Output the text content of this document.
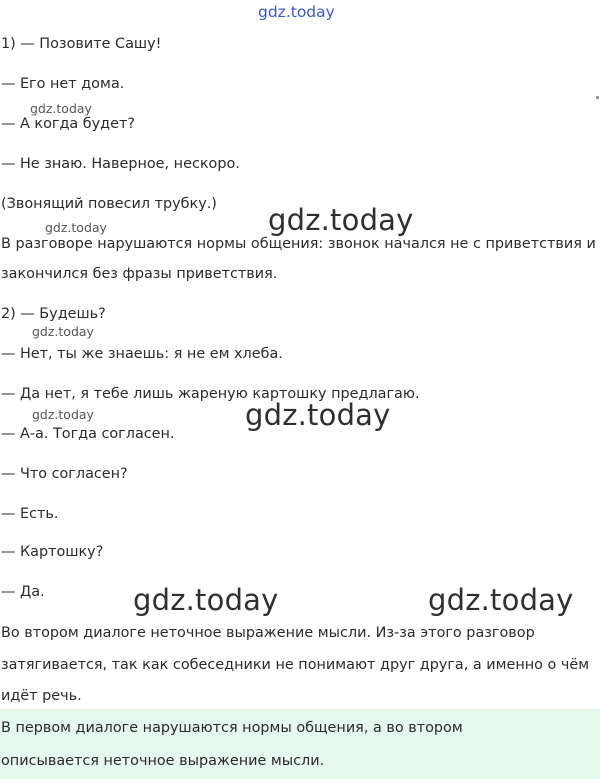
gdz.today
1) — Позовите Сашу!
— Его нет дома.
gdz.today
— А когда будет?
— Не знаю. Наверное, нескоро.
(Звонящий повесил трубку.)
gdz.today	gdz.today
В разговоре нарушаются нормы общения: звонок начался не с приветствия и
закончился без фразы приветствия.
2) — Будешь?
gdz.today
— Нет, ты же знаешь: я не ем хлеба.
— Да нет, я тебе лишь жареную картошку предлагаю.
gdz.today	gdz.today
— А-а. Тогда согласен.
— Что согласен?
— Есть.
— Картошку?
— Да.	gdz.today	gdz.today
Во втором диалоге неточное выражение мысли. Из-за этого разговор
затягивается, так как собеседники не понимают друг друга, а именно о чём
идёт речь.
В первом диалоге нарушаются нормы общения, а во втором
описывается неточное выражение мысли.
